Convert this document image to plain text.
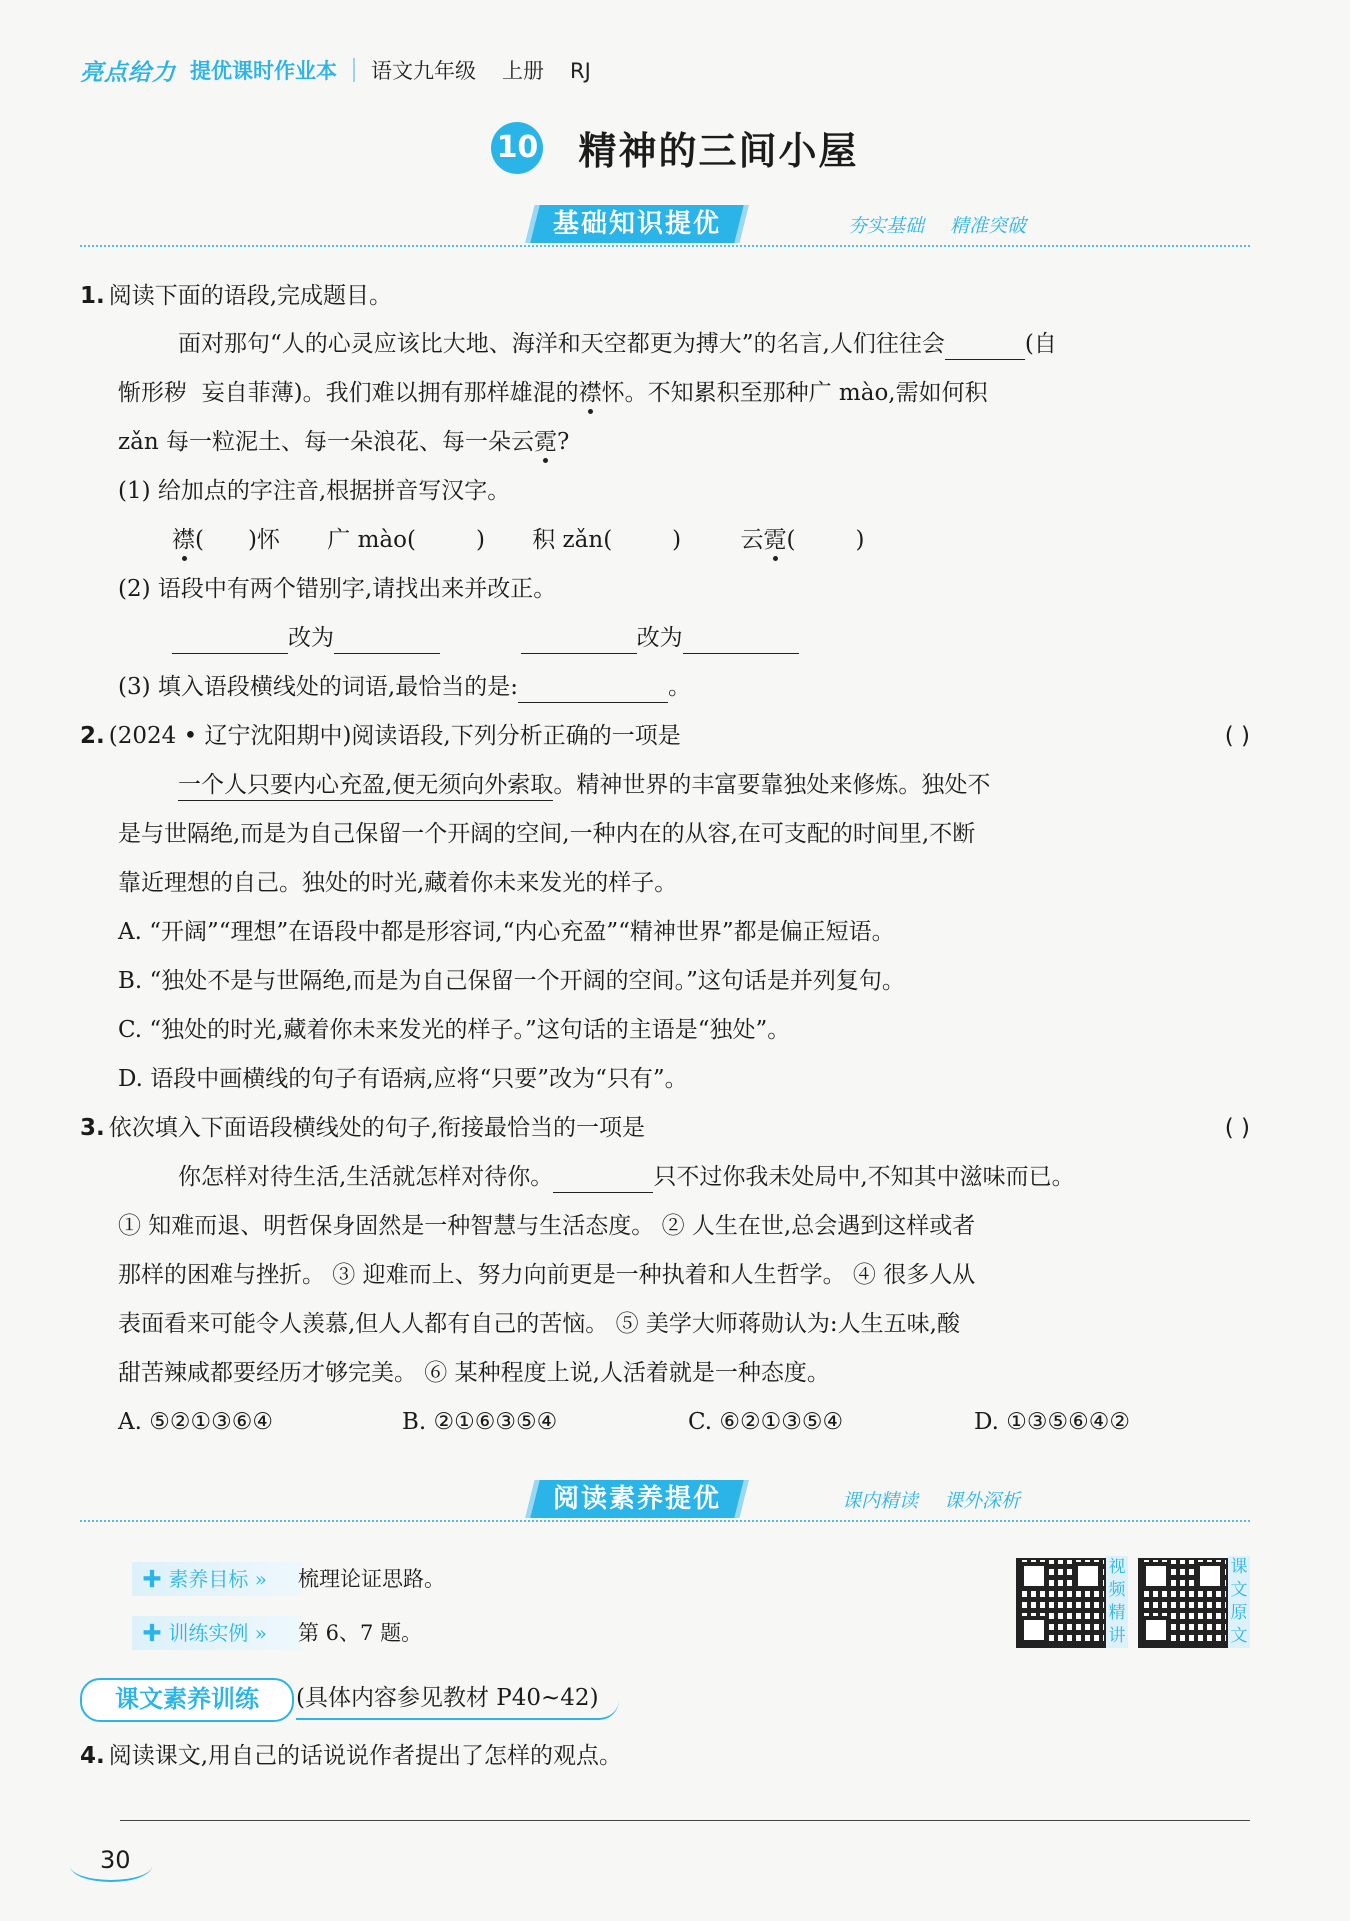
亮点给力 提优课时作业本 语文九年级 上册 RJ
10 精神的三间小屋
基础知识提优	夯实基础 精准突破
1. 阅读下面的语段,完成题目。
面对那句“人的心灵应该比大地、海洋和天空都更为搏大”的名言,人们往往会	(自
惭形秽 妄自菲薄)。我们难以拥有那样雄混的襟怀。不知累积至那种广 mào,需如何积
zǎn 每一粒泥土、每一朵浪花、每一朵云霓?
(1) 给加点的字注音,根据拼音写汉字。
襟( )怀 广 mào(	) 积 zǎn(	)	云霓(	)
(2) 语段中有两个错别字,请找出来并改正。
改为	改为
(3) 填入语段横线处的词语,最恰当的是:	。
2. (2024 • 辽宁沈阳期中)阅读语段,下列分析正确的一项是	( )
一个人只要内心充盈,便无须向外索取。精神世界的丰富要靠独处来修炼。独处不
是与世隔绝,而是为自己保留一个开阔的空间,一种内在的从容,在可支配的时间里,不断
靠近理想的自己。独处的时光,藏着你未来发光的样子。
A. “开阔”“理想”在语段中都是形容词,“内心充盈”“精神世界”都是偏正短语。
B. “独处不是与世隔绝,而是为自己保留一个开阔的空间。”这句话是并列复句。
C. “独处的时光,藏着你未来发光的样子。”这句话的主语是“独处”。
D. 语段中画横线的句子有语病,应将“只要”改为“只有”。
3. 依次填入下面语段横线处的句子,衔接最恰当的一项是	( )
你怎样对待生活,生活就怎样对待你。	只不过你我未处局中,不知其中滋味而已。
① 知难而退、明哲保身固然是一种智慧与生活态度。 ② 人生在世,总会遇到这样或者
那样的困难与挫折。 ③ 迎难而上、努力向前更是一种执着和人生哲学。 ④ 很多人从
表面看来可能令人羡慕,但人人都有自己的苦恼。 ⑤ 美学大师蒋勋认为:人生五味,酸
甜苦辣咸都要经历才够完美。 ⑥ 某种程度上说,人活着就是一种态度。
A. ⑤②①③⑥④	B. ②①⑥③⑤④	C. ⑥②①③⑤④	D. ①③⑤⑥④②
阅读素养提优	课内精读 课外深析
✚ 素养目标 »	梳理论证思路。
✚ 训练实例 »	第 6、7 题。
视频精讲
课文原文
课文素养训练	(具体内容参见教材 P40~42)
4. 阅读课文,用自己的话说说作者提出了怎样的观点。
30
